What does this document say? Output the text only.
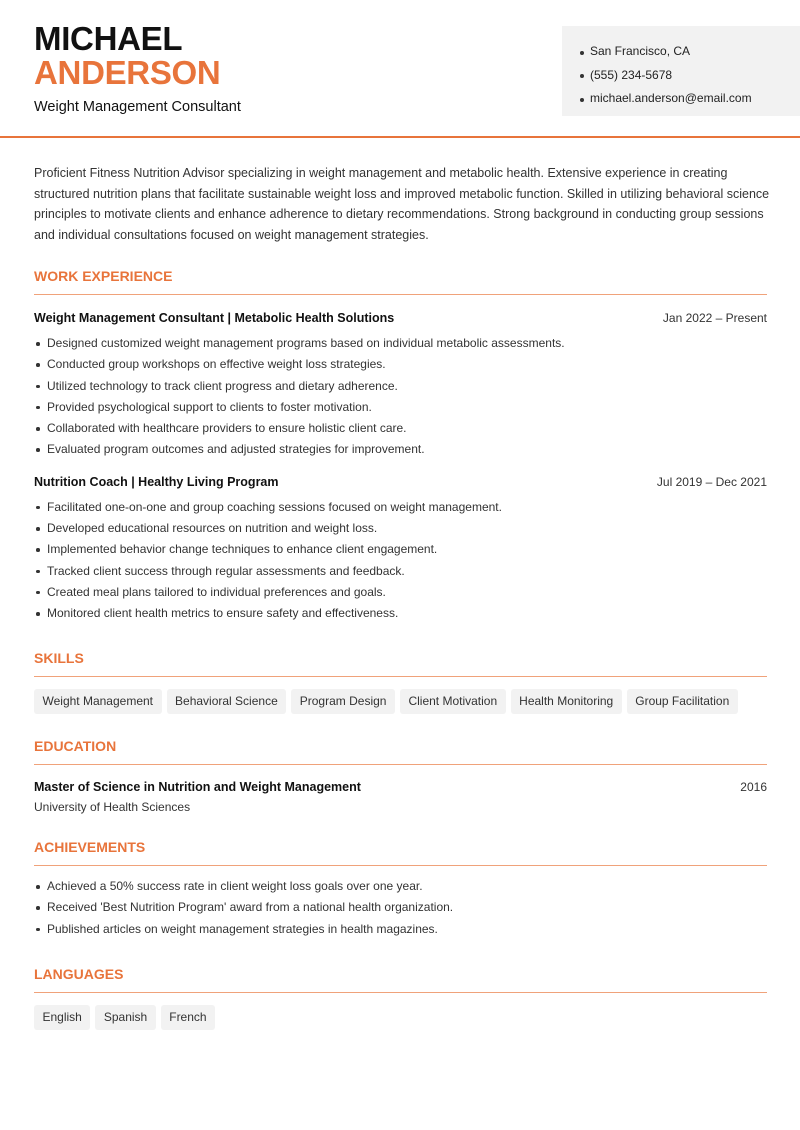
MICHAEL
ANDERSON
Weight Management Consultant
San Francisco, CA
(555) 234-5678
michael.anderson@email.com
Proficient Fitness Nutrition Advisor specializing in weight management and metabolic health. Extensive experience in creating structured nutrition plans that facilitate sustainable weight loss and improved metabolic function. Skilled in utilizing behavioral science principles to motivate clients and enhance adherence to dietary recommendations. Strong background in conducting group sessions and individual consultations focused on weight management strategies.
WORK EXPERIENCE
Weight Management Consultant | Metabolic Health Solutions	Jan 2022 – Present
Designed customized weight management programs based on individual metabolic assessments.
Conducted group workshops on effective weight loss strategies.
Utilized technology to track client progress and dietary adherence.
Provided psychological support to clients to foster motivation.
Collaborated with healthcare providers to ensure holistic client care.
Evaluated program outcomes and adjusted strategies for improvement.
Nutrition Coach | Healthy Living Program	Jul 2019 – Dec 2021
Facilitated one-on-one and group coaching sessions focused on weight management.
Developed educational resources on nutrition and weight loss.
Implemented behavior change techniques to enhance client engagement.
Tracked client success through regular assessments and feedback.
Created meal plans tailored to individual preferences and goals.
Monitored client health metrics to ensure safety and effectiveness.
SKILLS
Weight Management Behavioral Science Program Design Client Motivation Health Monitoring Group Facilitation
EDUCATION
Master of Science in Nutrition and Weight Management	2016
University of Health Sciences
ACHIEVEMENTS
Achieved a 50% success rate in client weight loss goals over one year.
Received 'Best Nutrition Program' award from a national health organization.
Published articles on weight management strategies in health magazines.
LANGUAGES
English Spanish French
